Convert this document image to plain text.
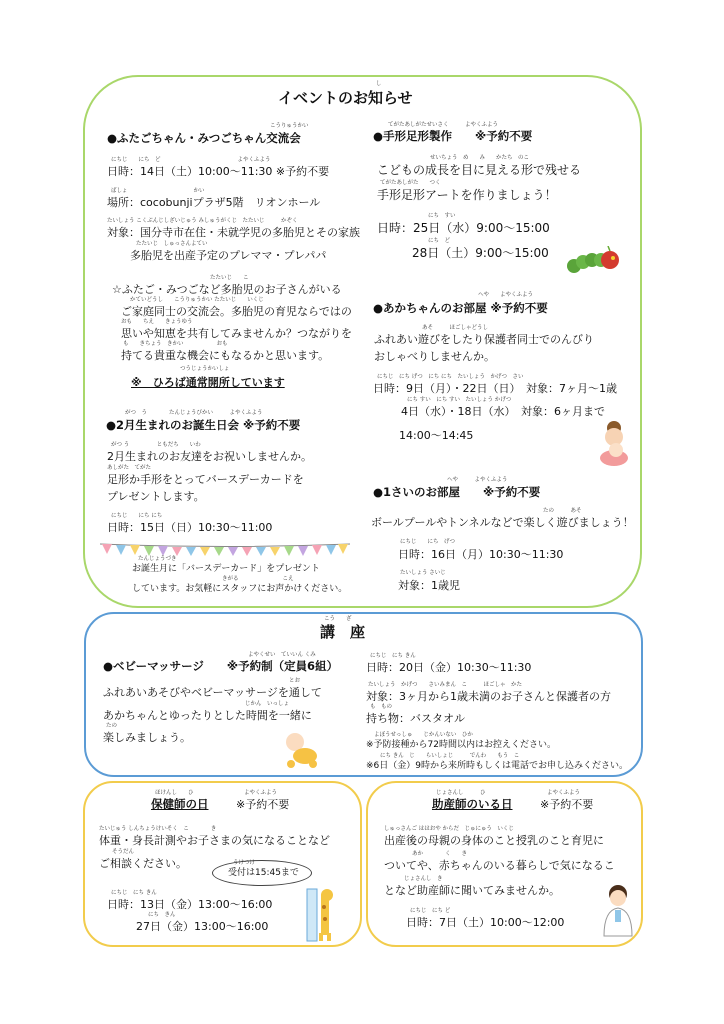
し
イベントのお知らせ
こうりゅうかい
●ふたごちゃん・みつごちゃん交流会
にちじ　　にち　ど　　　　　　　　　　　　　　よやくふよう
日時：14日（土）10:00～11:30 ※予約不要
ばしょ　　　　　　　　　　　　かい
場所：cocobunjiプラザ5階　リオンホール
たいしょう こくぶんじしざいじゅう みしゅうがくじ　たたいじ　　　かぞく
対象：国分寺市在住・未就学児の多胎児とその家族
たたいじ　しゅっさんよてい
多胎児を出産予定のプレママ・プレパパ
たたいじ　　こ
☆ふたご・みつごなど多胎児のお子さんがいる
かていどうし　　こうりゅうかい たたいじ　　いくじ
ご家庭同士の交流会。多胎児の育児ならではの
おも　　ちえ　　きょうゆう
思いや知恵を共有してみませんか？つながりを
も　　きちょう　きかい　　　　　　おも
持てる貴重な機会にもなるかと思います。
つうじょうかいしょ
※　ひろば通常開所しています
がつ　う　　　　たんじょうびかい　　　よやくふよう
●2月生まれのお誕生日会 ※予約不要
がつ う　　　　　ともだち　　いわ
2月生まれのお友達をお祝いしませんか。
あしがた　てがた
足形か手形をとってバースデーカードを
プレゼントします。
にちじ　　にち にち
日時：15日（日）10:30～11:00
たんじょうづき
お誕生月に「バースデーカード」をプレゼント
きがる　　　　　　　　こえ
しています。お気軽にスタッフにお声かけください。
てがたあしがたせいさく　　　よやくふよう
●手形足形製作　　※予約不要
せいちょう　め　　み　　かたち　のこ
こどもの成長を目に見える形で残せる
てがたあしがた　　つく
手形足形アートを作りましょう！
にち　すい
日時：25日（水）9:00～15:00
にち　ど
28日（土）9:00～15:00
へや　　よやくふよう
●あかちゃんのお部屋 ※予約不要
あそ　　　ほごしゃどうし
ふれあい遊びをしたり保護者同士でのんびり
おしゃべりしませんか。
にちじ　にち げつ　にち にち　たいしょう　かげつ　さい
日時：9日（月）・22日（日）　対象：7ヶ月～1歳
にち すい　にち すい　たいしょう かげつ
4日（水）・18日（水）　対象：6ヶ月まで
14:00～14:45
へや　　　よやくふよう
●1さいのお部屋　　※予約不要
たの　　　あそ
ボールプールやトンネルなどで楽しく遊びましょう！
にちじ　　にち　げつ
日時：16日（月）10:30～11:30
たいしょう さいじ
対象：1歳児
こう　　ざ
講　座
よやくせい　ていいん くみ
●ベビーマッサージ　　※予約制（定員6組）
とお
ふれあいあそびやベビーマッサージを通して
じかん　いっしょ
あかちゃんとゆったりとした時間を一緒に
たの
楽しみましょう。
にちじ　にち きん
日時：20日（金）10:30～11:30
たいしょう　かげつ　　さいみまん　こ　　　ほごしゃ　かた
対象：3ヶ月から1歳未満のお子さんと保護者の方
も　もの
持ち物：バスタオル
よぼうせっしゅ　　じかんいない　ひか
※予防接種から72時間以内はお控えください。
にち きん　じ　　らいしょじ　　　でんわ　　もう　こ
※6日（金）9時から来所時もしくは電話でお申し込みください。
ほけんし　　ひ
保健師の日
よやくふよう
※予約不要
たいじゅう しんちょうけいそく　こ　　　　き
体重・身長計測やお子さまの気になることなど
そうだん
ご相談ください。	うけつけ
受付は15:45まで
にちじ　にち きん
日時：13日（金）13:00～16:00
にち　きん
27日（金）13:00～16:00
じょさんし　　　ひ
助産師のいる日
よやくふよう
※予約不要
しゅっさんご ははおや からだ　じゅにゅう　いくじ
出産後の母親の身体のこと授乳のこと育児に
あか　　　　く　　き
ついてや、赤ちゃんのいる暮らしで気になるこ
じょさんし　き
となど助産師に聞いてみませんか。
にちじ　にち ど
日時：7日（土）10:00～12:00
